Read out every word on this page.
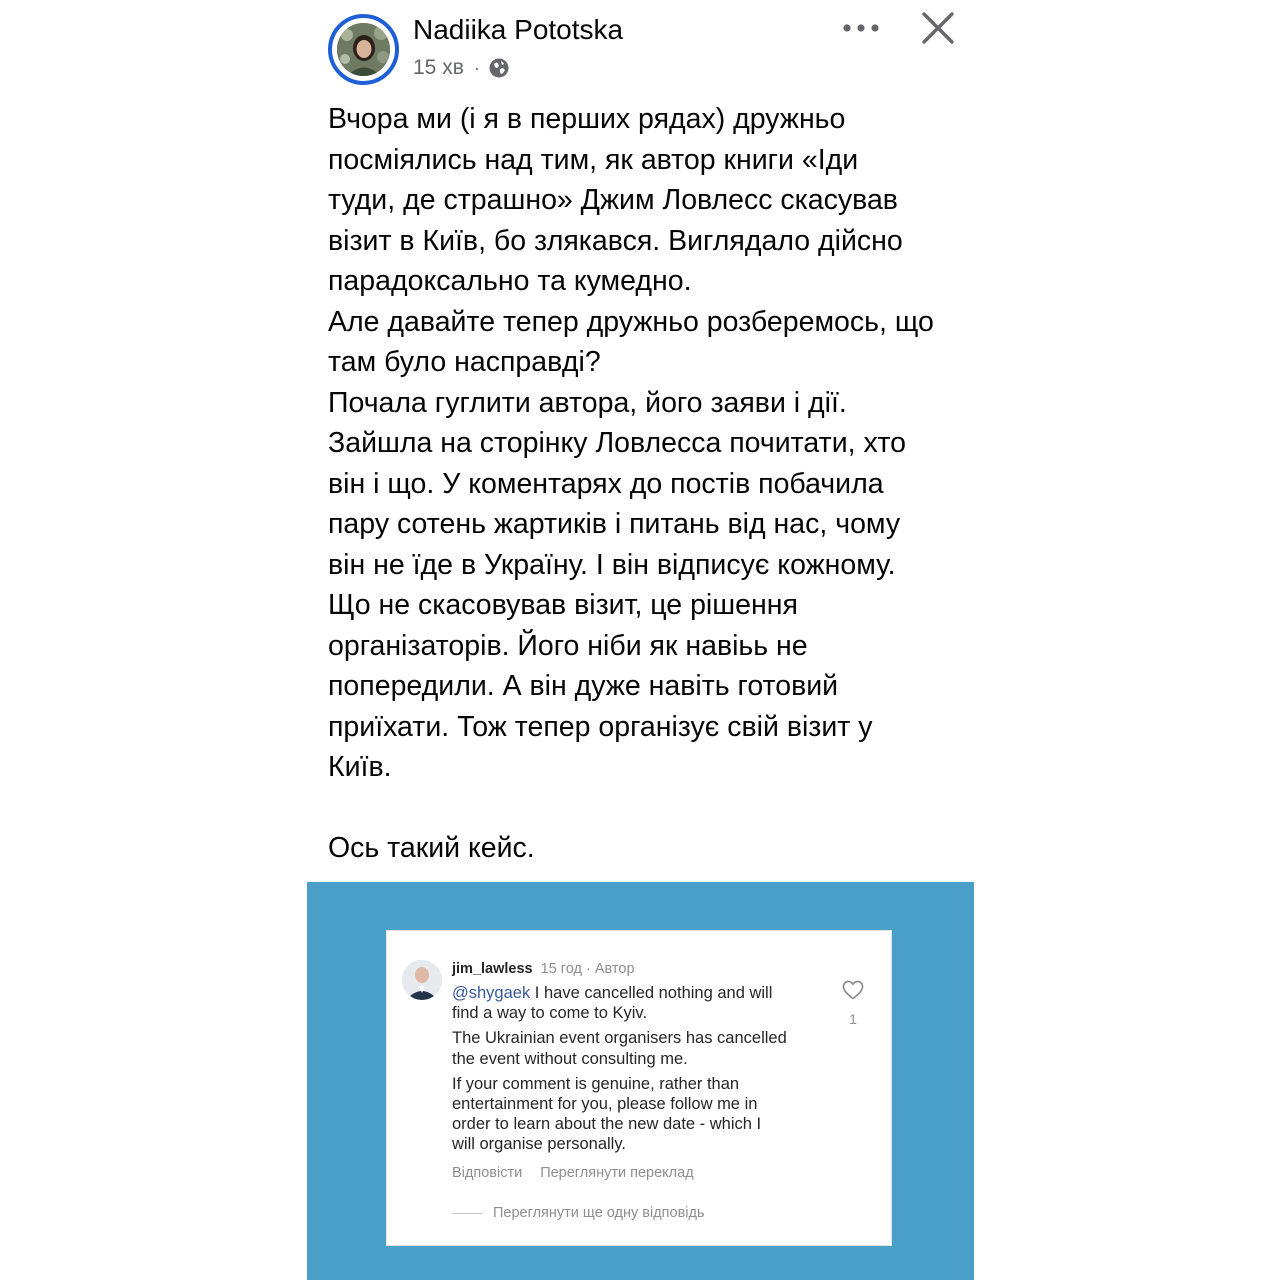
Nadiika Pototska
15 хв ·

Вчора ми (і я в перших рядах) дружньо

посміялись над тим, як автор книги «Іди

туди, де страшно» Джим Ловлесс скасував

візит в Київ, бо злякався. Виглядало дійсно

парадоксально та кумедно.

Але давайте тепер дружньо розберемось, що

там було насправді?

Почала гуглити автора, його заяви і дії.

Зайшла на сторінку Ловлесса почитати, хто

він і що. У коментарях до постів побачила

пару сотень жартиків і питань від нас, чому

він не їде в Україну. І він відписує кожному.

Що не скасовував візит, це рішення

організаторів. Його ніби як навіьь не

попередили. А він дуже навіть готовий

приїхати. Тож тепер організує свій візит у

Київ.

Ось такий кейс.

jim_lawless 15 год · Автор

@shygaek I have cancelled nothing and will
find a way to come to Kyiv.

The Ukrainian event organisers has cancelled
the event without consulting me.

If your comment is genuine, rather than
entertainment for you, please follow me in
order to learn about the new date - which I
will organise personally.

Відповісти Переглянути переклад
Переглянути ще одну відповідь
1
